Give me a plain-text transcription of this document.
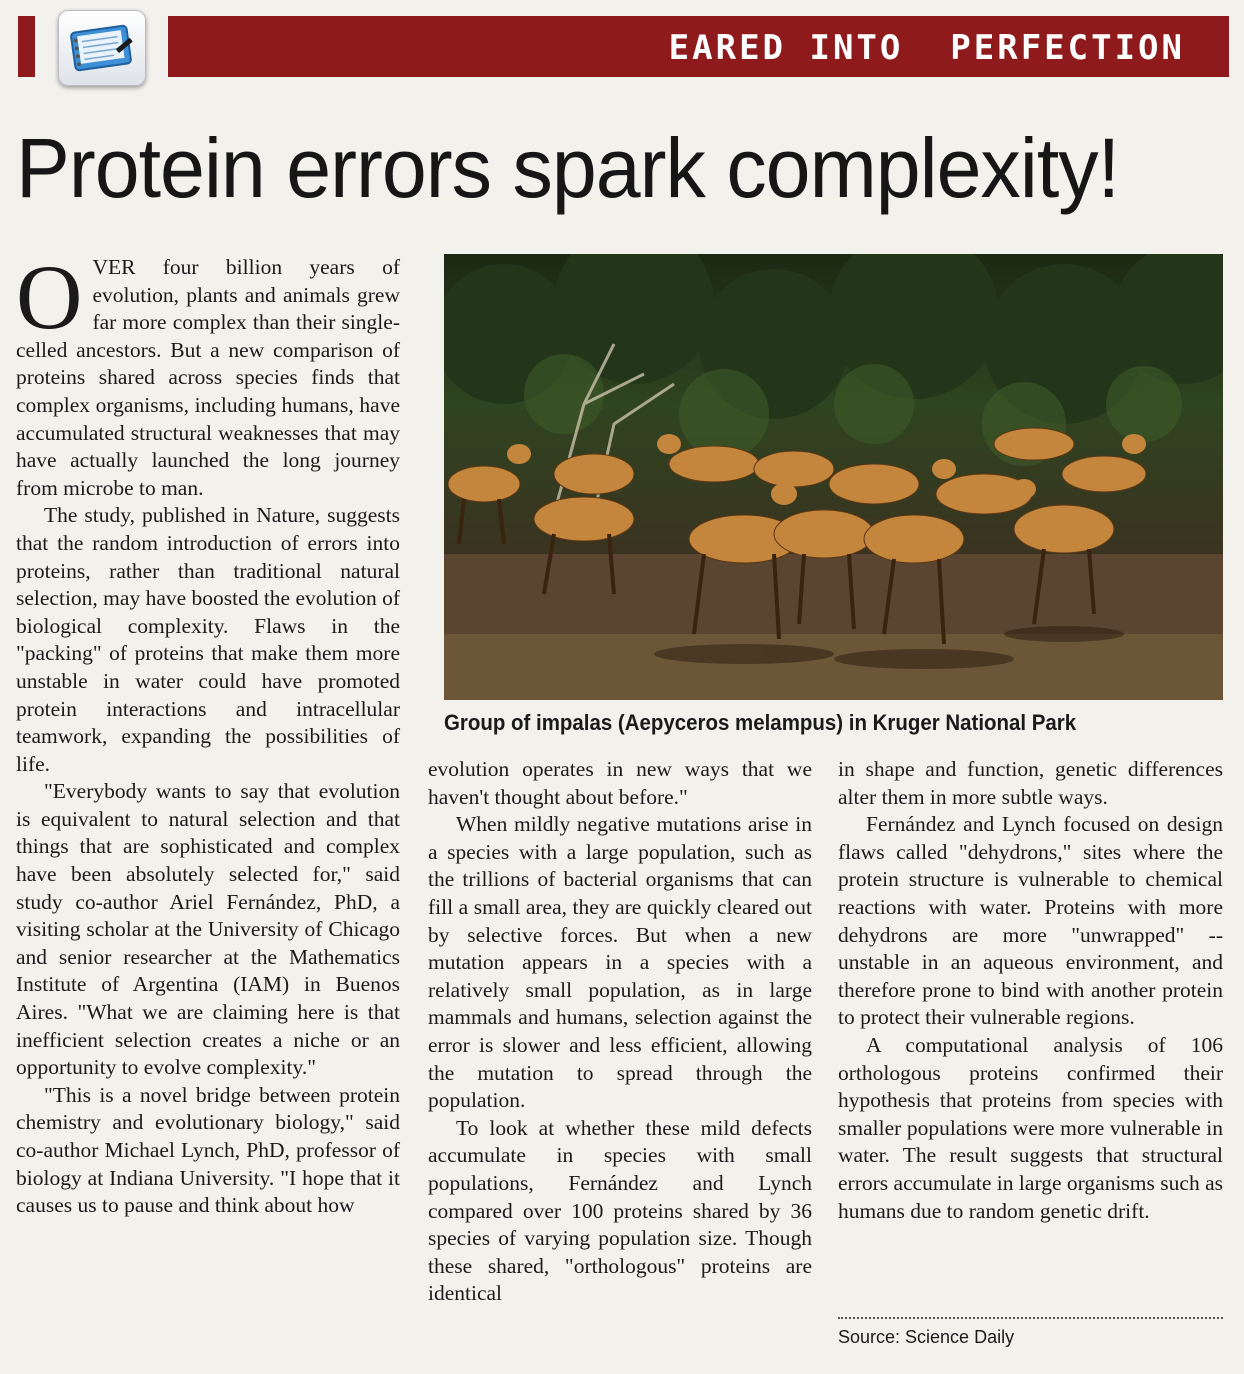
EARED INTO  PERFECTION
Protein errors spark complexity!

OVER four billion years of evolution, plants and animals grew far more complex than their single-celled ancestors. But a new comparison of proteins shared across species finds that complex organisms, including humans, have accumulated structural weaknesses that may have actually launched the long journey from microbe to man.

The study, published in Nature, suggests that the random introduction of errors into proteins, rather than traditional natural selection, may have boosted the evolution of biological complexity. Flaws in the "packing" of proteins that make them more unstable in water could have promoted protein interactions and intracellular teamwork, expanding the possibilities of life.

"Everybody wants to say that evolution is equivalent to natural selection and that things that are sophisticated and complex have been absolutely selected for," said study co-author Ariel Fernández, PhD, a visiting scholar at the University of Chicago and senior researcher at the Mathematics Institute of Argentina (IAM) in Buenos Aires. "What we are claiming here is that inefficient selection creates a niche or an opportunity to evolve complexity."

"This is a novel bridge between protein chemistry and evolutionary biology," said co-author Michael Lynch, PhD, professor of biology at Indiana University. "I hope that it causes us to pause and think about how

Group of impalas (Aepyceros melampus) in Kruger National Park

evolution operates in new ways that we haven't thought about before."

When mildly negative mutations arise in a species with a large population, such as the trillions of bacterial organisms that can fill a small area, they are quickly cleared out by selective forces. But when a new mutation appears in a species with a relatively small population, as in large mammals and humans, selection against the error is slower and less efficient, allowing the mutation to spread through the population.

To look at whether these mild defects accumulate in species with small populations, Fernández and Lynch compared over 100 proteins shared by 36 species of varying population size. Though these shared, "orthologous" proteins are identical

in shape and function, genetic differences alter them in more subtle ways.

Fernández and Lynch focused on design flaws called "dehydrons," sites where the protein structure is vulnerable to chemical reactions with water. Proteins with more dehydrons are more "unwrapped" -- unstable in an aqueous environment, and therefore prone to bind with another protein to protect their vulnerable regions.

A computational analysis of 106 orthologous proteins confirmed their hypothesis that proteins from species with smaller populations were more vulnerable in water. The result suggests that structural errors accumulate in large organisms such as humans due to random genetic drift.

Source: Science Daily
